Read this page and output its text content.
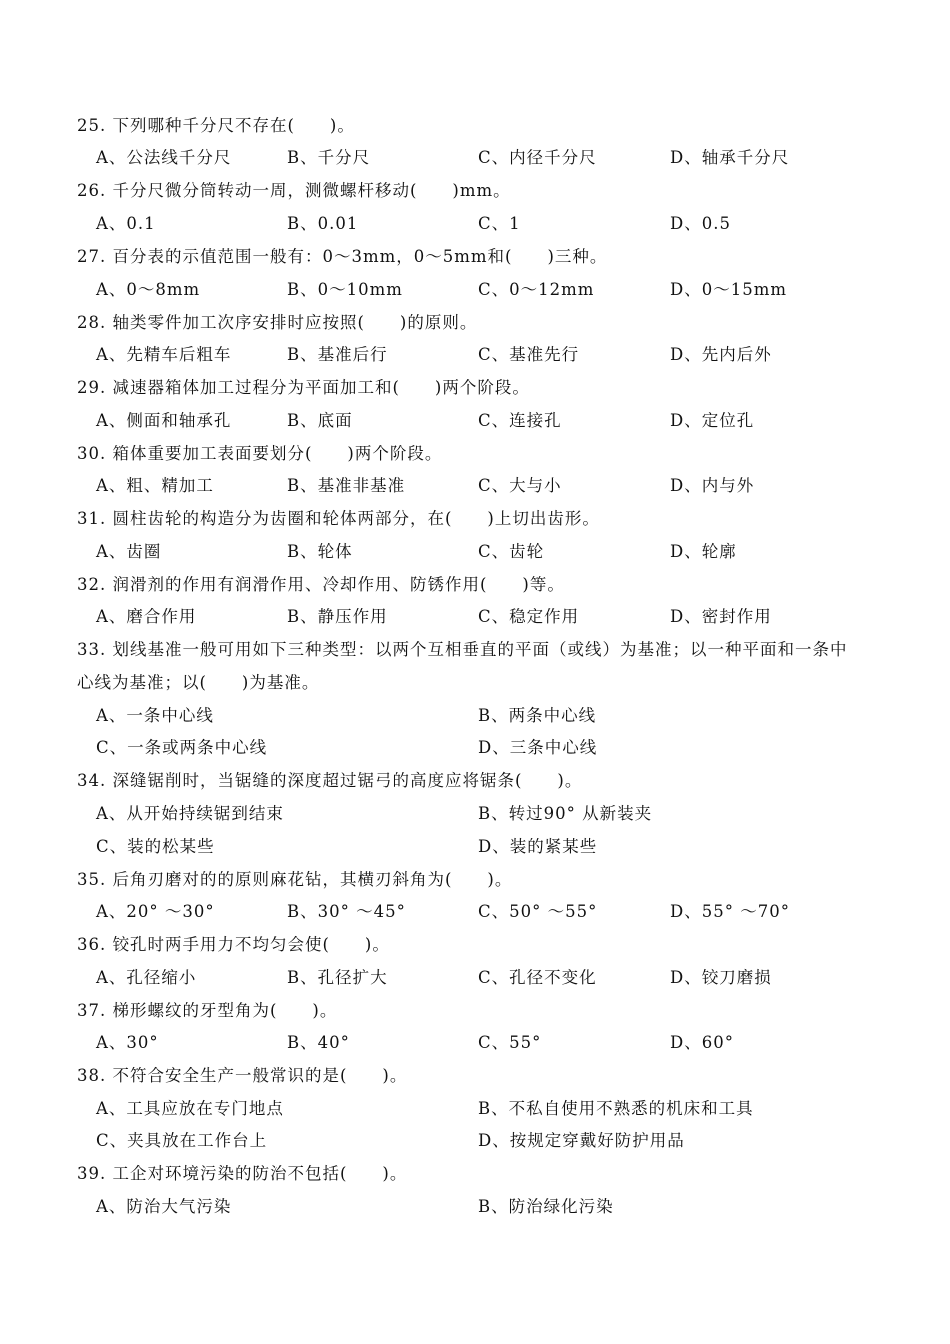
25. 下列哪种千分尺不存在(　　)。
A、公法线千分尺	B、千分尺	C、内径千分尺	D、轴承千分尺
26. 千分尺微分筒转动一周，测微螺杆移动(　　)mm。
A、0.1	B、0.01	C、1	D、0.5
27. 百分表的示值范围一般有：0～3mm，0～5mm和(　　)三种。
A、0～8mm	B、0～10mm	C、0～12mm	D、0～15mm
28. 轴类零件加工次序安排时应按照(　　)的原则。
A、先精车后粗车	B、基准后行	C、基准先行	D、先内后外
29. 减速器箱体加工过程分为平面加工和(　　)两个阶段。
A、侧面和轴承孔	B、底面	C、连接孔	D、定位孔
30. 箱体重要加工表面要划分(　　)两个阶段。
A、粗、精加工	B、基准非基准	C、大与小	D、内与外
31. 圆柱齿轮的构造分为齿圈和轮体两部分，在(　　)上切出齿形。
A、齿圈	B、轮体	C、齿轮	D、轮廓
32. 润滑剂的作用有润滑作用、冷却作用、防锈作用(　　)等。
A、磨合作用	B、静压作用	C、稳定作用	D、密封作用
33. 划线基准一般可用如下三种类型：以两个互相垂直的平面（或线）为基准；以一种平面和一条中
心线为基准；以(　　)为基准。
A、一条中心线	B、两条中心线
C、一条或两条中心线	D、三条中心线
34. 深缝锯削时，当锯缝的深度超过锯弓的高度应将锯条(　　)。
A、从开始持续锯到结束	B、转过90° 从新装夹
C、装的松某些	D、装的紧某些
35. 后角刃磨对的的原则麻花钻，其横刃斜角为(　　)。
A、20° ～30°	B、30° ～45°	C、50° ～55°	D、55° ～70°
36. 铰孔时两手用力不均匀会使(　　)。
A、孔径缩小	B、孔径扩大	C、孔径不变化	D、铰刀磨损
37. 梯形螺纹的牙型角为(　　)。
A、30°	B、40°	C、55°	D、60°
38. 不符合安全生产一般常识的是(　　)。
A、工具应放在专门地点	B、不私自使用不熟悉的机床和工具
C、夹具放在工作台上	D、按规定穿戴好防护用品
39. 工企对环境污染的防治不包括(　　)。
A、防治大气污染	B、防治绿化污染
